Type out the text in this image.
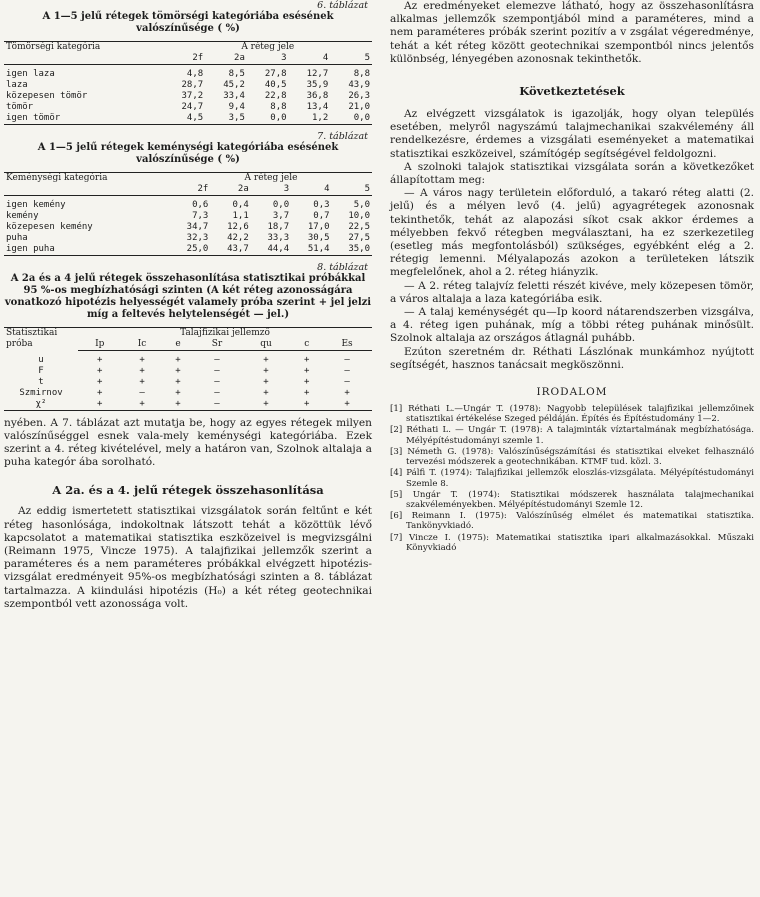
6. táblázat
A 1—5 jelű rétegek tömörségi kategóriába esésének valószínűsége ( %)
Tömörségi kategória	A réteg jele				
	2f	2a	3	4	5

igen laza	4,8	8,5	27,8	12,7	8,8
laza	28,7	45,2	40,5	35,9	43,9
közepesen tömör	37,2	33,4	22,8	36,8	26,3
tömör	24,7	9,4	8,8	13,4	21,0
igen tömör	4,5	3,5	0,0	1,2	0,0
7. táblázat
A 1—5 jelű rétegek keménységi kategóriába esésének valószínűsége ( %)
Keménységi kategória	A réteg jele				
	2f	2a	3	4	5

igen kemény	0,6	0,4	0,0	0,3	5,0
kemény	7,3	1,1	3,7	0,7	10,0
közepesen kemény	34,7	12,6	18,7	17,0	22,5
puha	32,3	42,2	33,3	30,5	27,5
igen puha	25,0	43,7	44,4	51,4	35,0
8. táblázat
A 2a és a 4 jelű rétegek összehasonlítása statisztikai próbákkal 95 %-os megbízhatósági szinten (A két réteg azonosságára vonatkozó hipotézis helyességét valamely próba szerint + jel jelzi míg a feltevés helytelenségét — jel.)
Statisztikai próba	Talajfizikai jellemző						
	Ip	Ic	e	Sr	qu	c	Es

u	+	+	+	—	+	+	—
F	+	+	+	—	+	+	—
t	+	+	+	—	+	+	—
Szmirnov	+	—	+	—	+	+	+
χ²	+	+	+	—	+	+	+

nyében. A 7. táblázat azt mutatja be, hogy az egyes rétegek milyen valószínűséggel esnek vala-mely keménységi kategóriába. Ezek szerint a 4. réteg kivételével, mely a határon van, Szolnok altalaja a puha kategór ába sorolható.

A 2a. és a 4. jelű rétegek összehasonlítása

Az eddig ismertetett statisztikai vizsgálatok során feltűnt e két réteg hasonlósága, indokoltnak látszott tehát a közöttük lévő kapcsolatot a matematikai statisztika eszközeivel is megvizsgálni (Reimann 1975, Vincze 1975). A talajfizikai jellemzők szerint a paraméteres és a nem paraméteres próbákkal elvégzett hipotézis-vizsgálat eredményeit 95%-os megbízhatósági szinten a 8. táblázat tartalmazza. A kiindulási hipotézis (H₀) a két réteg geotechnikai szempontból vett azonosságа volt.

Az eredményeket elemezve látható, hogy az összehasonlításra alkalmas jellemzők szempontjából mind a paraméteres, mind a nem paraméteres próbák szerint pozitív a v zsgálat végeredménye, tehát a két réteg között geotechnikai szempontból nincs jelentős különbség, lényegében azonosnak tekinthetők.

Következtetések

Az elvégzett vizsgálatok is igazolják, hogy olyan település esetében, melyről nagyszámú talajmechanikai szakvélemény áll rendelkezésre, érdemes a vizsgálati eseményeket a matematikai statisztikai eszközeivel, számítógép segítségével feldolgozni.

A szolnoki talajok statisztikai vizsgálata során a következőket állapítottam meg:

— A város nagy területein előforduló, a takaró réteg alatti (2. jelű) és a mélyen levő (4. jelű) agyagrétegek azonosnak tekinthetők, tehát az alapozási síkot csak akkor érdemes a mélyebben fekvő rétegben megválasztani, ha ez szerkezetileg (esetleg más megfontolásból) szükséges, egyébként elég a 2. rétegig lemenni. Mélyalapozás azokon a területeken látszik megfelelőnek, ahol a 2. réteg hiányzik.

— A 2. réteg talajvíz feletti részét kivéve, mely közepesen tömör, a város altalaja a laza kategóriába esik.

— A talaj keménységét qu—Ip koord nátarendszerben vizsgálva, a 4. réteg igen puhának, míg a többi réteg puhának minősült. Szolnok altalaja az országos átlagnál puhább.

Ezúton szeretném dr. Réthati Lászlónak munkámhoz nyújtott segítségét, hasznos tanácsait megköszönni.

IRODALOM

[1] Réthati L.—Ungár T. (1978): Nagyobb települések talajfizikai jellemzőinek statisztikai értékelése Szeged példáján. Építés és Építéstudomány 1—2.

[2] Réthati L. — Ungár T. (1978): A talajminták víztartalmának megbízhatósága. Mélyépítéstudományi szemle 1.

[3] Németh G. (1978): Valószínűségszámítási és statisztikai elveket felhasználó tervezési módszerek a geotechnikában. KTMF tud. közl. 3.

[4] Pálfi T. (1974): Talajfizikai jellemzők eloszlás-vizsgálata. Mélyépítéstudományi Szemle 8.

[5] Ungár T. (1974): Statisztikai módszerek használata talajmechanikai szakvéleményekben. Mélyépítéstudományi Szemle 12.

[6] Reimann I. (1975): Valószínűség elmélet és matematikai statisztika. Tankönyvkiadó.

[7] Vincze I. (1975): Matematikai statisztika ipari alkalmazásokkal. Műszaki Könyvkiadó
